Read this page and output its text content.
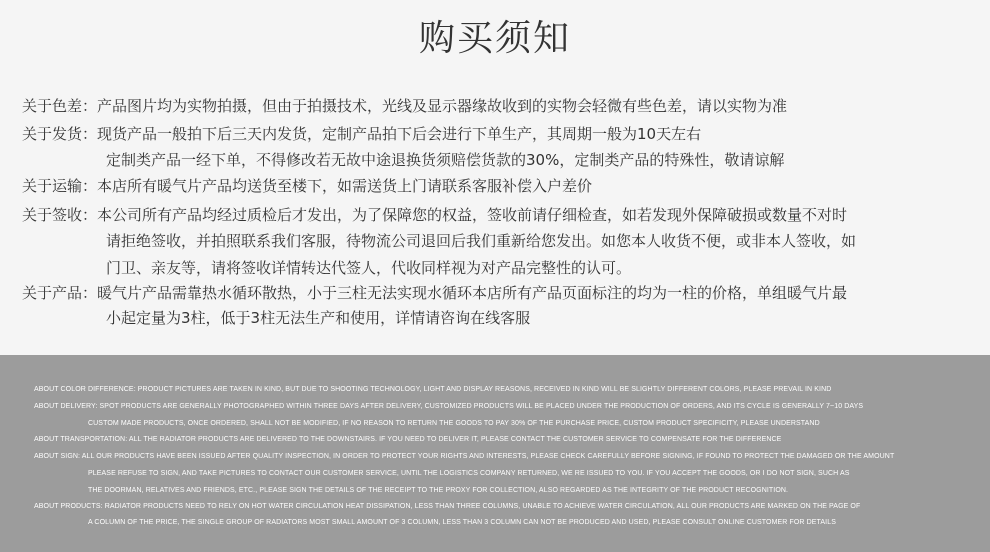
购买须知
关于色差：产品图片均为实物拍摄，但由于拍摄技术，光线及显示器缘故收到的实物会轻微有些色差，请以实物为准
关于发货：现货产品一般拍下后三天内发货，定制产品拍下后会进行下单生产，其周期一般为10天左右
定制类产品一经下单，不得修改若无故中途退换货须赔偿货款的30%，定制类产品的特殊性，敬请谅解
关于运输：本店所有暖气片产品均送货至楼下，如需送货上门请联系客服补偿入户差价
关于签收：本公司所有产品均经过质检后才发出，为了保障您的权益，签收前请仔细检查，如若发现外保障破损或数量不对时
请拒绝签收，并拍照联系我们客服，待物流公司退回后我们重新给您发出。如您本人收货不便，或非本人签收，如
门卫、亲友等，请将签收详情转达代签人，代收同样视为对产品完整性的认可。
关于产品：暖气片产品需靠热水循环散热，小于三柱无法实现水循环本店所有产品页面标注的均为一柱的价格，单组暖气片最
小起定量为3柱，低于3柱无法生产和使用，详情请咨询在线客服
ABOUT COLOR DIFFERENCE: PRODUCT PICTURES ARE TAKEN IN KIND, BUT DUE TO SHOOTING TECHNOLOGY, LIGHT AND DISPLAY REASONS, RECEIVED IN KIND WILL BE SLIGHTLY DIFFERENT COLORS, PLEASE PREVAIL IN KIND
ABOUT DELIVERY: SPOT PRODUCTS ARE GENERALLY PHOTOGRAPHED WITHIN THREE DAYS AFTER DELIVERY, CUSTOMIZED PRODUCTS WILL BE PLACED UNDER THE PRODUCTION OF ORDERS, AND ITS CYCLE IS GENERALLY 7~10 DAYS
CUSTOM MADE PRODUCTS, ONCE ORDERED, SHALL NOT BE MODIFIED, IF NO REASON TO RETURN THE GOODS TO PAY 30% OF THE PURCHASE PRICE, CUSTOM PRODUCT SPECIFICITY, PLEASE UNDERSTAND
ABOUT TRANSPORTATION: ALL THE RADIATOR PRODUCTS ARE DELIVERED TO THE DOWNSTAIRS. IF YOU NEED TO DELIVER IT, PLEASE CONTACT THE CUSTOMER SERVICE TO COMPENSATE FOR THE DIFFERENCE
ABOUT SIGN: ALL OUR PRODUCTS HAVE BEEN ISSUED AFTER QUALITY INSPECTION, IN ORDER TO PROTECT YOUR RIGHTS AND INTERESTS, PLEASE CHECK CAREFULLY BEFORE SIGNING, IF FOUND TO PROTECT THE DAMAGED OR THE AMOUNT
PLEASE REFUSE TO SIGN, AND TAKE PICTURES TO CONTACT OUR CUSTOMER SERVICE, UNTIL THE LOGISTICS COMPANY RETURNED, WE RE ISSUED TO YOU. IF YOU ACCEPT THE GOODS, OR I DO NOT SIGN, SUCH AS
THE DOORMAN, RELATIVES AND FRIENDS, ETC., PLEASE SIGN THE DETAILS OF THE RECEIPT TO THE PROXY FOR COLLECTION, ALSO REGARDED AS THE INTEGRITY OF THE PRODUCT RECOGNITION.
ABOUT PRODUCTS: RADIATOR PRODUCTS NEED TO RELY ON HOT WATER CIRCULATION HEAT DISSIPATION, LESS THAN THREE COLUMNS, UNABLE TO ACHIEVE WATER CIRCULATION, ALL OUR PRODUCTS ARE MARKED ON THE PAGE OF
A COLUMN OF THE PRICE, THE SINGLE GROUP OF RADIATORS MOST SMALL AMOUNT OF 3 COLUMN, LESS THAN 3 COLUMN CAN NOT BE PRODUCED AND USED, PLEASE CONSULT ONLINE CUSTOMER FOR DETAILS
